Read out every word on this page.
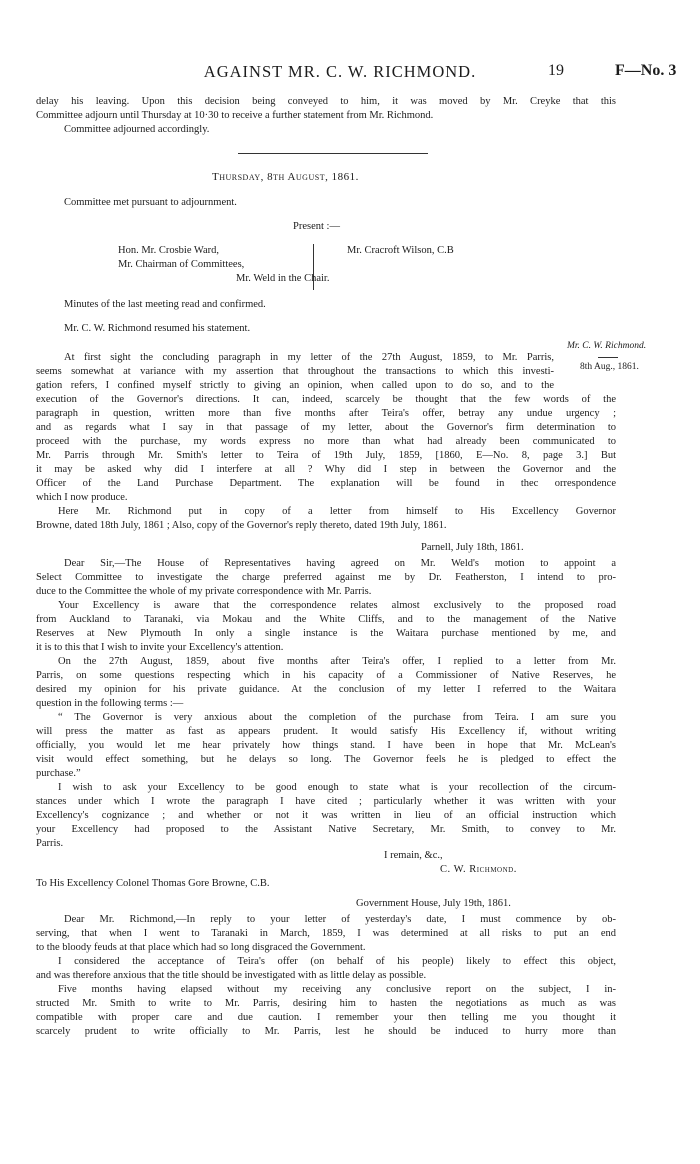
AGAINST MR. C. W. RICHMOND.	19	F—No. 3
delay his leaving. Upon this decision being conveyed to him, it was moved by Mr. Creyke that this
Committee adjourn until Thursday at 10·30 to receive a further statement from Mr. Richmond.
Committee adjourned accordingly.
Thursday, 8th August, 1861.
Committee met pursuant to adjournment.
Present :—
Hon. Mr. Crosbie Ward,
Mr. Chairman of Committees,
Mr. Cracroft Wilson, C.B
Mr. Weld in the Chair.
Minutes of the last meeting read and confirmed.
Mr. C. W. Richmond resumed his statement.
Mr. C. W. Richmond.
8th Aug., 1861.
At first sight the concluding paragraph in my letter of the 27th August, 1859, to Mr. Parris,
seems somewhat at variance with my assertion that throughout the transactions to which this investi-
gation refers, I confined myself strictly to giving an opinion, when called upon to do so, and to the
execution of the Governor's directions. It can, indeed, scarcely be thought that the few words of the
paragraph in question, written more than five months after Teira's offer, betray any undue urgency ;
and as regards what I say in that passage of my letter, about the Governor's firm determination to
proceed with the purchase, my words express no more than what had already been communicated to
Mr. Parris through Mr. Smith's letter to Teira of 19th July, 1859, [1860, E—No. 8, page 3.] But
it may be asked why did I interfere at all ? Why did I step in between the Governor and the
Officer of the Land Purchase Department. The explanation will be found in thec orrespondence
which I now produce.
Here Mr. Richmond put in copy of a letter from himself to His Excellency Governor
Browne, dated 18th July, 1861 ; Also, copy of the Governor's reply thereto, dated 19th July, 1861.
Parnell, July 18th, 1861.
Dear Sir,—The House of Representatives having agreed on Mr. Weld's motion to appoint a
Select Committee to investigate the charge preferred against me by Dr. Featherston, I intend to pro-
duce to the Committee the whole of my private correspondence with Mr. Parris.
Your Excellency is aware that the correspondence relates almost exclusively to the proposed road
from Auckland to Taranaki, via Mokau and the White Cliffs, and to the management of the Native
Reserves at New Plymouth In only a single instance is the Waitara purchase mentioned by me, and
it is to this that I wish to invite your Excellency's attention.
On the 27th August, 1859, about five months after Teira's offer, I replied to a letter from Mr.
Parris, on some questions respecting which in his capacity of a Commissioner of Native Reserves, he
desired my opinion for his private guidance. At the conclusion of my letter I referred to the Waitara
question in the following terms :—
“ The Governor is very anxious about the completion of the purchase from Teira. I am sure you
will press the matter as fast as appears prudent. It would satisfy His Excellency if, without writing
officially, you would let me hear privately how things stand. I have been in hope that Mr. McLean's
visit would effect something, but he delays so long. The Governor feels he is pledged to effect the
purchase.”
I wish to ask your Excellency to be good enough to state what is your recollection of the circum-
stances under which I wrote the paragraph I have cited ; particularly whether it was written with your
Excellency's cognizance ; and whether or not it was written in lieu of an official instruction which
your Excellency had proposed to the Assistant Native Secretary, Mr. Smith, to convey to Mr.
Parris.
I remain, &c.,
C. W. Richmond.
To His Excellency Colonel Thomas Gore Browne, C.B.
Government House, July 19th, 1861.
Dear Mr. Richmond,—In reply to your letter of yesterday's date, I must commence by ob-
serving, that when I went to Taranaki in March, 1859, I was determined at all risks to put an end
to the bloody feuds at that place which had so long disgraced the Government.
I considered the acceptance of Teira's offer (on behalf of his people) likely to effect this object,
and was therefore anxious that the title should be investigated with as little delay as possible.
Five months having elapsed without my receiving any conclusive report on the subject, I in-
structed Mr. Smith to write to Mr. Parris, desiring him to hasten the negotiations as much as was
compatible with proper care and due caution. I remember your then telling me you thought it
scarcely prudent to write officially to Mr. Parris, lest he should be induced to hurry more than
